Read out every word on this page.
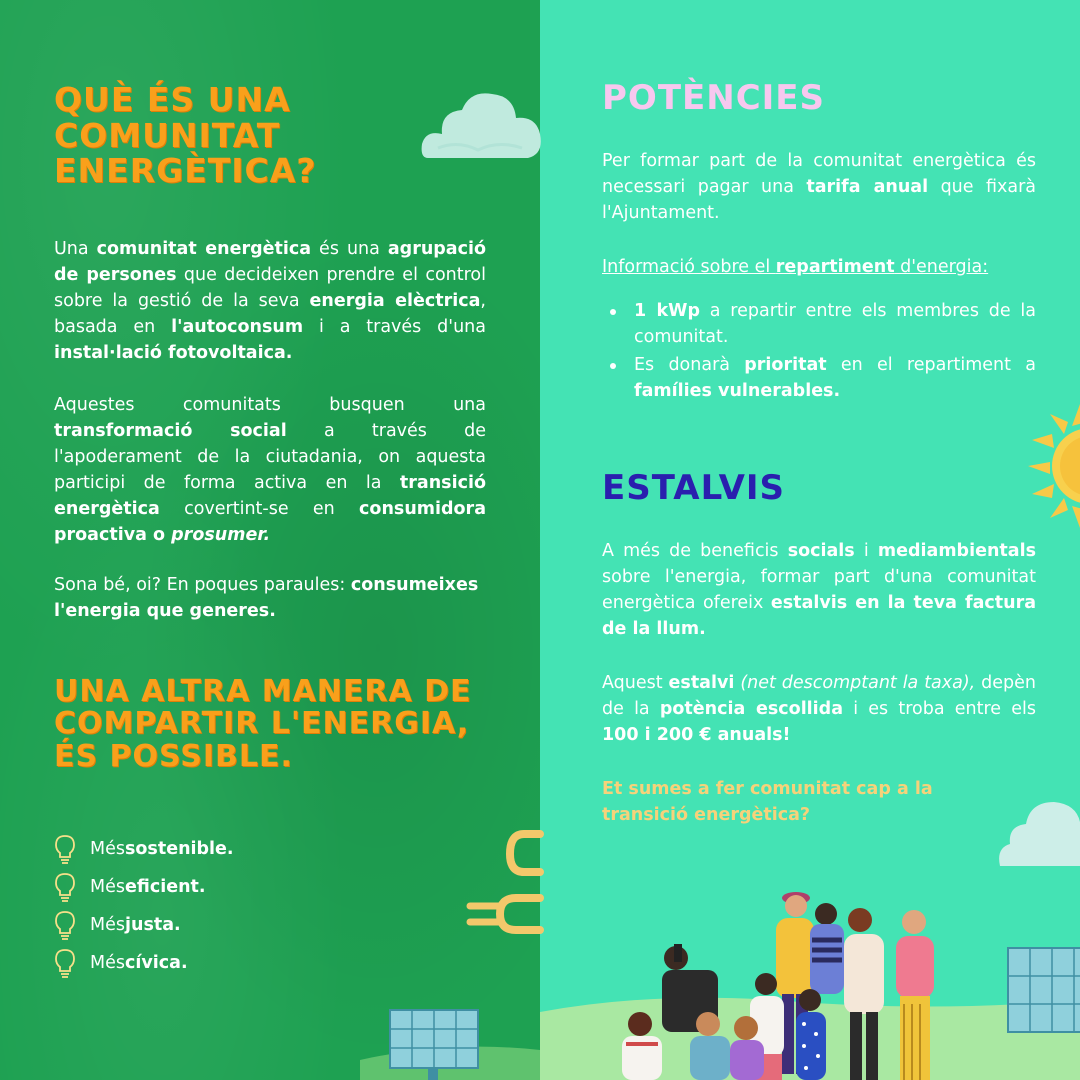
QUÈ ÉS UNA
COMUNITAT
ENERGÈTICA?

Una comunitat energètica és una agrupació de persones que decideixen prendre el control sobre la gestió de la seva energia elèctrica, basada en l'autoconsum i a través d'una instal·lació fotovoltaica.

Aquestes comunitats busquen una transformació social a través de l'apoderament de la ciutadania, on aquesta participi de forma activa en la transició energètica covertint-se en consumidora proactiva o prosumer.

Sona bé, oi? En poques paraules: consumeixes l'energia que generes.

UNA ALTRA MANERA DE
COMPARTIR L'ENERGIA,
ÉS POSSIBLE.
Més sostenible.
Més eficient.
Més justa.
Més cívica.
POTÈNCIES

Per formar part de la comunitat energètica és necessari pagar una tarifa anual que fixarà l'Ajuntament.

Informació sobre el repartiment d'energia:

1 kWp a repartir entre els membres de la comunitat.
Es donarà prioritat en el repartiment a famílies vulnerables.
ESTALVIS

A més de beneficis socials i mediambientals sobre l'energia, formar part d'una comunitat energètica ofereix estalvis en la teva factura de la llum.

Aquest estalvi (net descomptant la taxa), depèn de la potència escollida i es troba entre els 100 i 200 € anuals!

Et sumes a fer comunitat cap a la
transició energètica?
